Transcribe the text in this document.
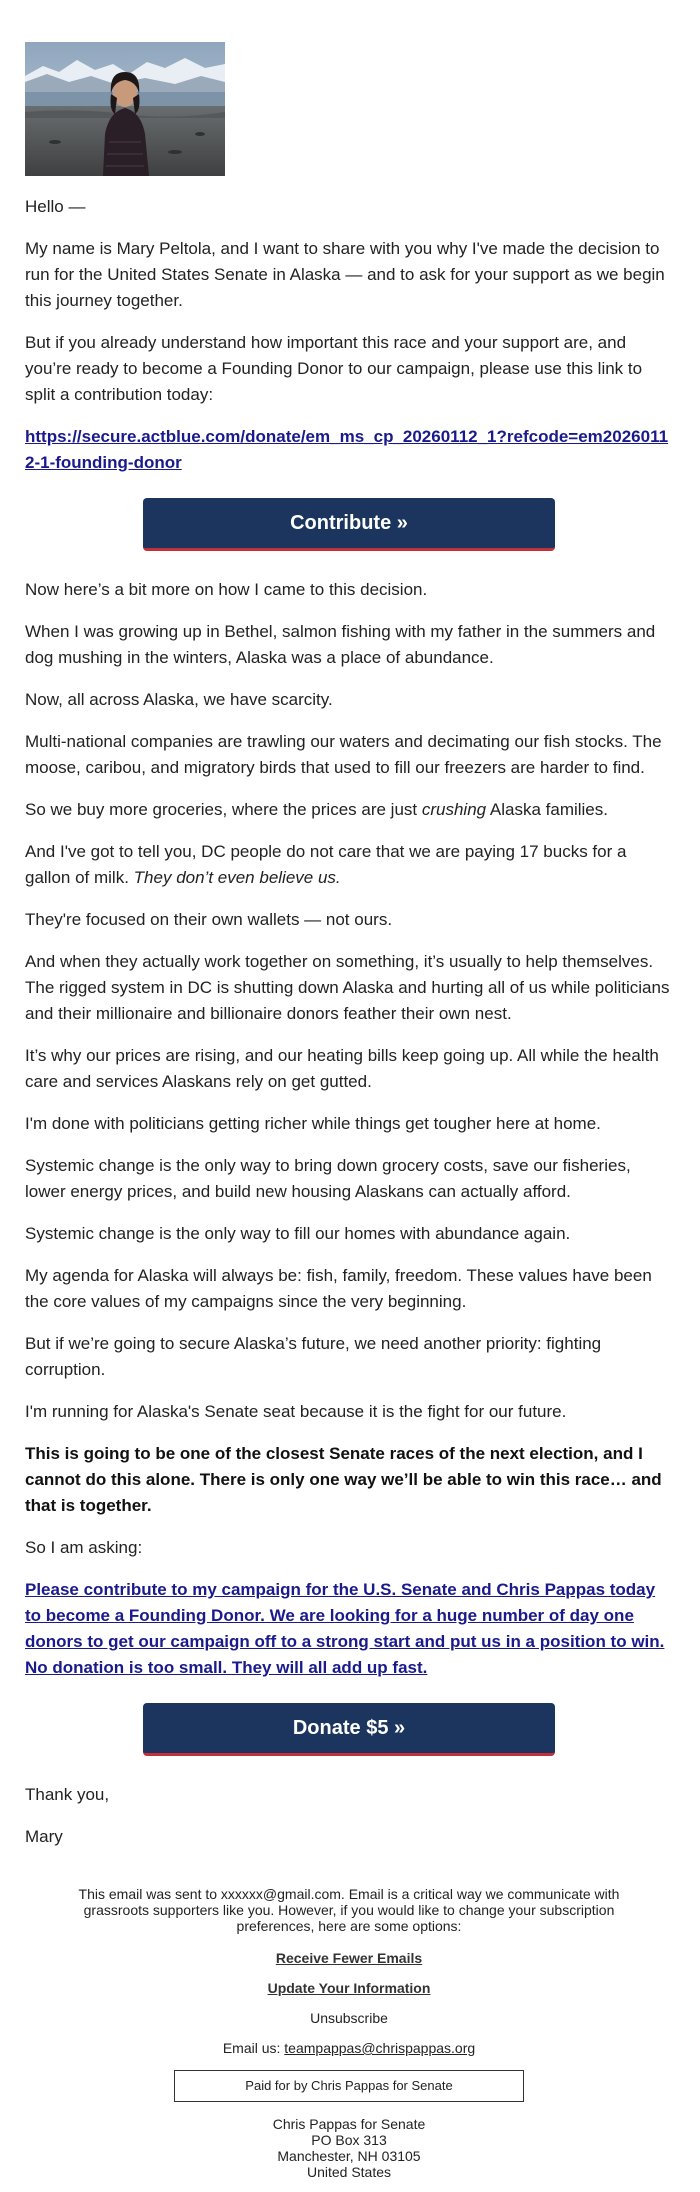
Hello —

My name is Mary Peltola, and I want to share with you why I've made the decision to run for the United States Senate in Alaska — and to ask for your support as we begin this journey together.

But if you already understand how important this race and your support are, and you’re ready to become a Founding Donor to our campaign, please use this link to split a contribution today:

https://secure.actblue.com/donate/em_ms_cp_20260112_1?refcode=em20260112-1-founding-donor

Contribute »

Now here’s a bit more on how I came to this decision.

When I was growing up in Bethel, salmon fishing with my father in the summers and dog mushing in the winters, Alaska was a place of abundance.

Now, all across Alaska, we have scarcity.

Multi-national companies are trawling our waters and decimating our fish stocks. The moose, caribou, and migratory birds that used to fill our freezers are harder to find.

So we buy more groceries, where the prices are just crushing Alaska families.

And I've got to tell you, DC people do not care that we are paying 17 bucks for a gallon of milk. They don’t even believe us.

They're focused on their own wallets — not ours.

And when they actually work together on something, it’s usually to help themselves. The rigged system in DC is shutting down Alaska and hurting all of us while politicians and their millionaire and billionaire donors feather their own nest.

It’s why our prices are rising, and our heating bills keep going up. All while the health care and services Alaskans rely on get gutted.

I'm done with politicians getting richer while things get tougher here at home.

Systemic change is the only way to bring down grocery costs, save our fisheries, lower energy prices, and build new housing Alaskans can actually afford.

Systemic change is the only way to fill our homes with abundance again.

My agenda for Alaska will always be: fish, family, freedom. These values have been the core values of my campaigns since the very beginning.

But if we’re going to secure Alaska’s future, we need another priority: fighting corruption.

I'm running for Alaska's Senate seat because it is the fight for our future.

This is going to be one of the closest Senate races of the next election, and I cannot do this alone. There is only one way we’ll be able to win this race… and that is together.

So I am asking:

Please contribute to my campaign for the U.S. Senate and Chris Pappas today to become a Founding Donor. We are looking for a huge number of day one donors to get our campaign off to a strong start and put us in a position to win. No donation is too small. They will all add up fast.

Donate $5 »

Thank you,

Mary

This email was sent to xxxxxx@gmail.com. Email is a critical way we communicate with grassroots supporters like you. However, if you would like to change your subscription preferences, here are some options:
Receive Fewer Emails
Update Your Information
Unsubscribe
Email us: teampappas@chrispappas.org
Paid for by Chris Pappas for Senate
Chris Pappas for Senate
PO Box 313
Manchester, NH 03105
United States
